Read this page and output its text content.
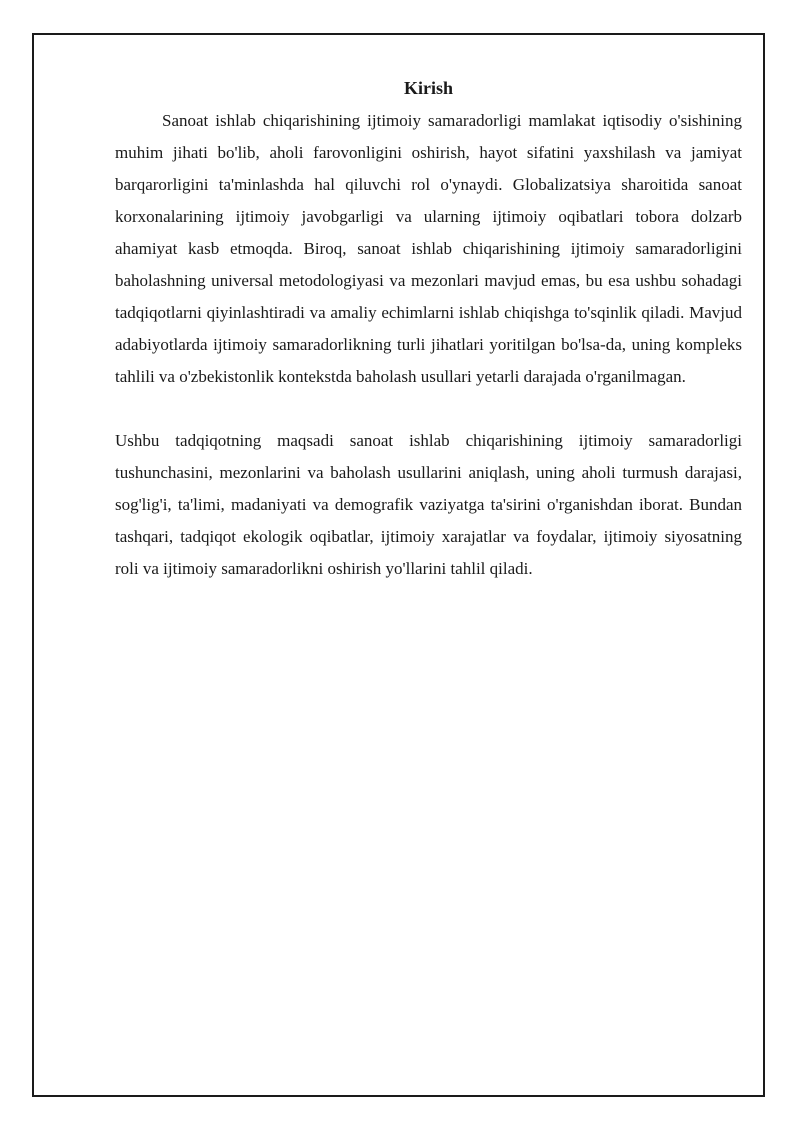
Kirish

Sanoat ishlab chiqarishining ijtimoiy samaradorligi mamlakat iqtisodiy o'sishining muhim jihati bo'lib, aholi farovonligini oshirish, hayot sifatini yaxshilash va jamiyat barqarorligini ta'minlashda hal qiluvchi rol o'ynaydi. Globalizatsiya sharoitida sanoat korxonalarining ijtimoiy javobgarligi va ularning ijtimoiy oqibatlari tobora dolzarb ahamiyat kasb etmoqda. Biroq, sanoat ishlab chiqarishining ijtimoiy samaradorligini baholashning universal metodologiyasi va mezonlari mavjud emas, bu esa ushbu sohadagi tadqiqotlarni qiyinlashtiradi va amaliy echimlarni ishlab chiqishga to'sqinlik qiladi. Mavjud adabiyotlarda ijtimoiy samaradorlikning turli jihatlari yoritilgan bo'lsa-da, uning kompleks tahlili va o'zbekistonlik kontekstda baholash usullari yetarli darajada o'rganilmagan.

Ushbu tadqiqotning maqsadi sanoat ishlab chiqarishining ijtimoiy samaradorligi tushunchasini, mezonlarini va baholash usullarini aniqlash, uning aholi turmush darajasi, sog'lig'i, ta'limi, madaniyati va demografik vaziyatga ta'sirini o'rganishdan iborat. Bundan tashqari, tadqiqot ekologik oqibatlar, ijtimoiy xarajatlar va foydalar, ijtimoiy siyosatning roli va ijtimoiy samaradorlikni oshirish yo'llarini tahlil qiladi.
